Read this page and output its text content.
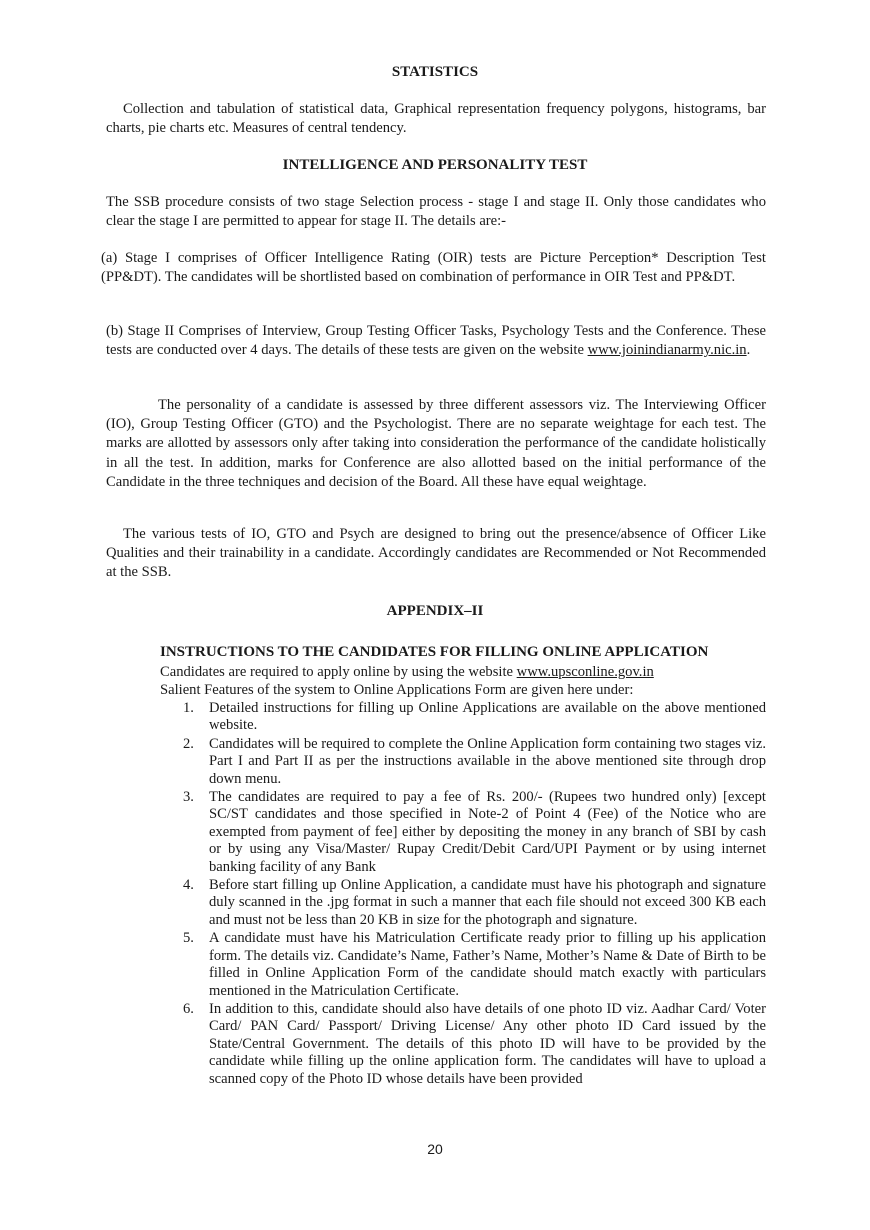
STATISTICS
Collection and tabulation of statistical data, Graphical representation frequency polygons, histograms, bar charts, pie charts etc. Measures of central tendency.
INTELLIGENCE AND PERSONALITY TEST
The SSB procedure consists of two stage Selection process - stage I and stage II. Only those candidates who clear the stage I are permitted to appear for stage II. The details are:-
(a) Stage I comprises of Officer Intelligence Rating (OIR) tests are Picture Perception* Description Test (PP&DT). The candidates will be shortlisted based on combination of performance in OIR Test and PP&DT.
(b) Stage II Comprises of Interview, Group Testing Officer Tasks, Psychology Tests and the Conference. These tests are conducted over 4 days. The details of these tests are given on the website www.joinindianarmy.nic.in.
The personality of a candidate is assessed by three different assessors viz. The Interviewing Officer (IO), Group Testing Officer (GTO) and the Psychologist. There are no separate weightage for each test. The marks are allotted by assessors only after taking into consideration the performance of the candidate holistically in all the test. In addition, marks for Conference are also allotted based on the initial performance of the Candidate in the three techniques and decision of the Board. All these have equal weightage.
The various tests of IO, GTO and Psych are designed to bring out the presence/absence of Officer Like Qualities and their trainability in a candidate. Accordingly candidates are Recommended or Not Recommended at the SSB.
APPENDIX–II
INSTRUCTIONS TO THE CANDIDATES FOR FILLING ONLINE APPLICATION
Candidates are required to apply online by using the website www.upsconline.gov.in
Salient Features of the system to Online Applications Form are given here under:
1. Detailed instructions for filling up Online Applications are available on the above mentioned website.
2. Candidates will be required to complete the Online Application form containing two stages viz. Part I and Part II as per the instructions available in the above mentioned site through drop down menu.
3. The candidates are required to pay a fee of Rs. 200/- (Rupees two hundred only) [except SC/ST candidates and those specified in Note-2 of Point 4 (Fee) of the Notice who are exempted from payment of fee] either by depositing the money in any branch of SBI by cash or by using any Visa/Master/ Rupay Credit/Debit Card/UPI Payment or by using internet banking facility of any Bank
4. Before start filling up Online Application, a candidate must have his photograph and signature duly scanned in the .jpg format in such a manner that each file should not exceed 300 KB each and must not be less than 20 KB in size for the photograph and signature.
5. A candidate must have his Matriculation Certificate ready prior to filling up his application form. The details viz. Candidate’s Name, Father’s Name, Mother’s Name & Date of Birth to be filled in Online Application Form of the candidate should match exactly with particulars mentioned in the Matriculation Certificate.
6. In addition to this, candidate should also have details of one photo ID viz. Aadhar Card/ Voter Card/ PAN Card/ Passport/ Driving License/ Any other photo ID Card issued by the State/Central Government. The details of this photo ID will have to be provided by the candidate while filling up the online application form. The candidates will have to upload a scanned copy of the Photo ID whose details have been provided
20
